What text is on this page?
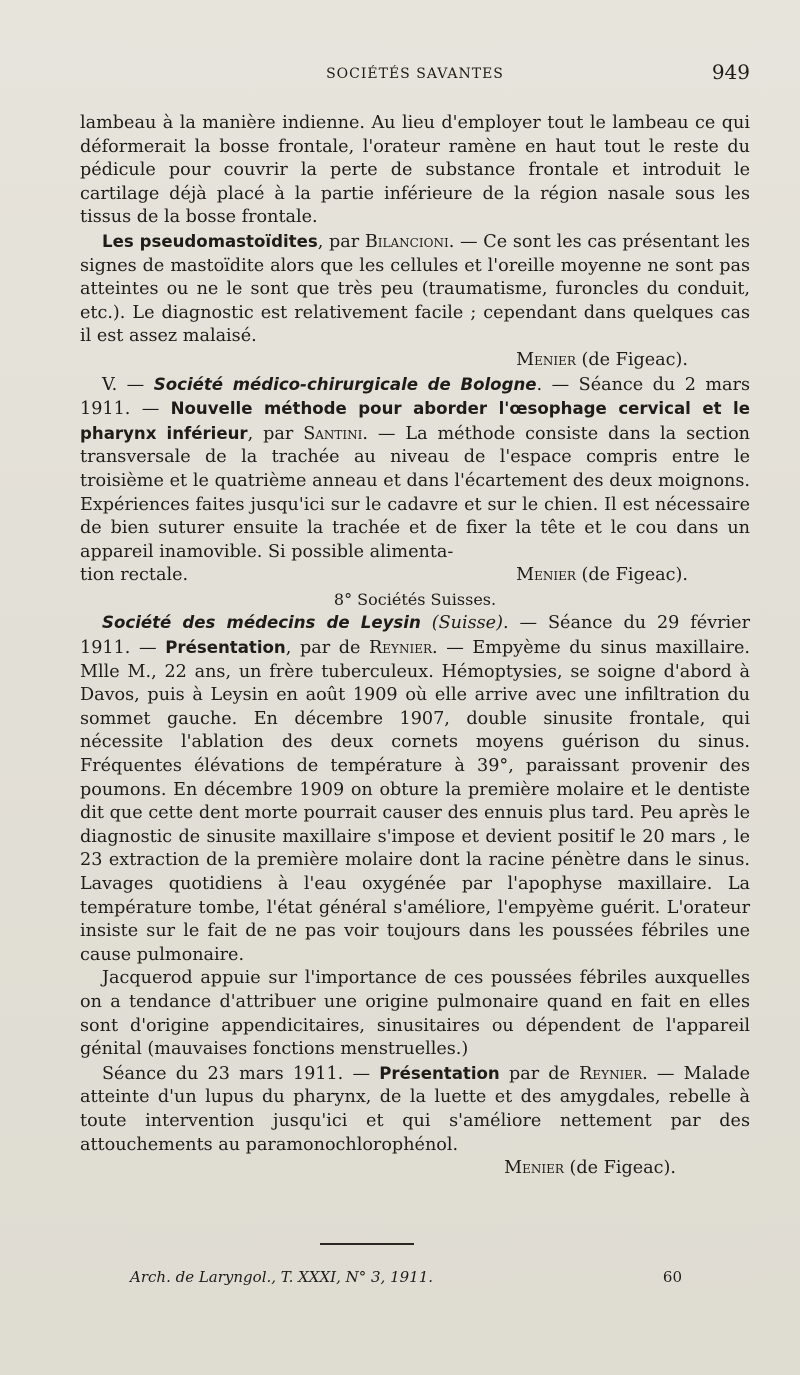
SOCIÉTÉS SAVANTES	949

lambeau à la manière indienne. Au lieu d'employer tout le lambeau ce qui déformerait la bosse frontale, l'orateur ramène en haut tout le reste du pédicule pour couvrir la perte de substance frontale et introduit le cartilage déjà placé à la partie inférieure de la région nasale sous les tissus de la bosse frontale.

Les pseudomastoïdites, par Bilancioni. — Ce sont les cas présentant les signes de mastoïdite alors que les cellules et l'oreille moyenne ne sont pas atteintes ou ne le sont que très peu (traumatisme, furoncles du conduit, etc.). Le diagnostic est relativement facile ; cependant dans quelques cas il est assez malaisé.

Menier (de Figeac).

V. — Société médico-chirurgicale de Bologne. — Séance du 2 mars 1911. — Nouvelle méthode pour aborder l'œsophage cervical et le pharynx inférieur, par Santini. — La méthode consiste dans la section transversale de la trachée au niveau de l'espace compris entre le troisième et le quatrième anneau et dans l'écartement des deux moignons. Expériences faites jusqu'ici sur le cadavre et sur le chien. Il est nécessaire de bien suturer ensuite la trachée et de fixer la tête et le cou dans un appareil inamovible. Si possible alimenta-

tion rectale.	Menier (de Figeac).

8° Sociétés Suisses.

Société des médecins de Leysin (Suisse). — Séance du 29 février 1911. — Présentation, par de Reynier. — Empyème du sinus maxillaire. Mlle M., 22 ans, un frère tuberculeux. Hémoptysies, se soigne d'abord à Davos, puis à Leysin en août 1909 où elle arrive avec une infiltration du sommet gauche. En décembre 1907, double sinusite frontale, qui nécessite l'ablation des deux cornets moyens guérison du sinus. Fréquentes élévations de température à 39°, paraissant provenir des poumons. En décembre 1909 on obture la première molaire et le dentiste dit que cette dent morte pourrait causer des ennuis plus tard. Peu après le diagnostic de sinusite maxillaire s'impose et devient positif le 20 mars , le 23 extraction de la première molaire dont la racine pénètre dans le sinus. Lavages quotidiens à l'eau oxygénée par l'apophyse maxillaire. La température tombe, l'état général s'améliore, l'empyème guérit. L'orateur insiste sur le fait de ne pas voir toujours dans les poussées fébriles une cause pulmonaire.

Jacquerod appuie sur l'importance de ces poussées fébriles auxquelles on a tendance d'attribuer une origine pulmonaire quand en fait en elles sont d'origine appendicitaires, sinusitaires ou dépendent de l'appareil génital (mauvaises fonctions menstruelles.)

Séance du 23 mars 1911. — Présentation par de Reynier. — Malade atteinte d'un lupus du pharynx, de la luette et des amygdales, rebelle à toute intervention jusqu'ici et qui s'améliore nettement par des attouchements au paramonochlorophénol.

Menier (de Figeac).

Arch. de Laryngol., T. XXXI, N° 3, 1911.	60
